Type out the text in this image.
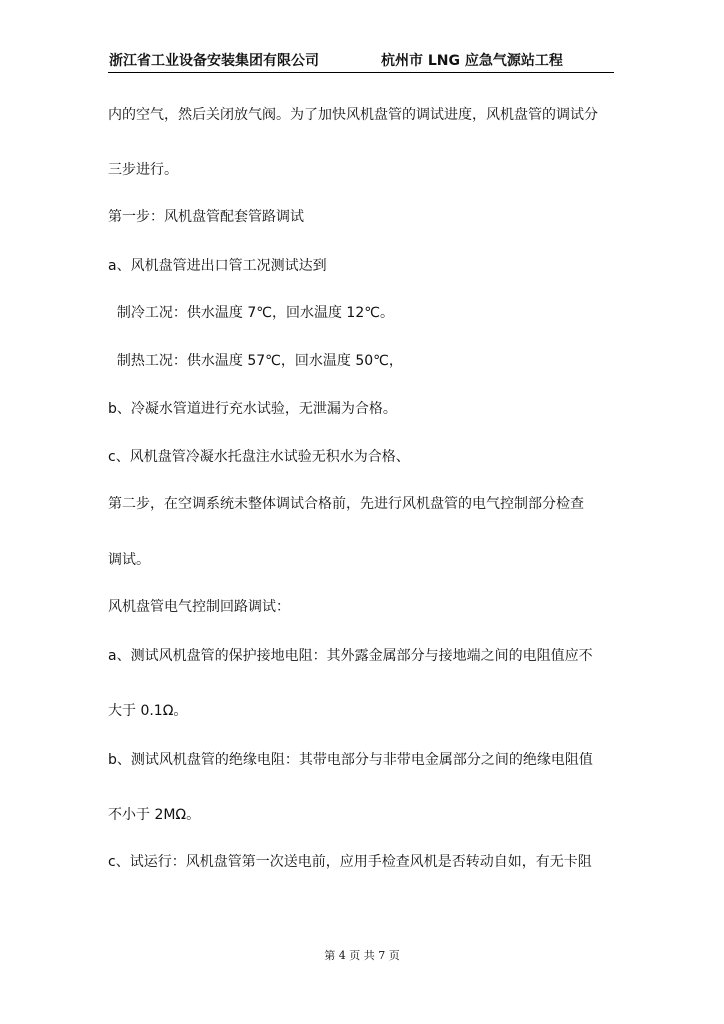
浙江省工业设备安装集团有限公司	杭州市 LNG 应急气源站工程
内的空气，然后关闭放气阀。为了加快风机盘管的调试进度，风机盘管的调试分
三步进行。
第一步：风机盘管配套管路调试
a、风机盘管进出口管工况测试达到
制冷工况：供水温度 7℃，回水温度 12℃。
制热工况：供水温度 57℃，回水温度 50℃，
b、冷凝水管道进行充水试验，无泄漏为合格。
c、风机盘管冷凝水托盘注水试验无积水为合格、
第二步，在空调系统未整体调试合格前，先进行风机盘管的电气控制部分检查
调试。
风机盘管电气控制回路调试：
a、测试风机盘管的保护接地电阻：其外露金属部分与接地端之间的电阻值应不
大于 0.1Ω。
b、测试风机盘管的绝缘电阻：其带电部分与非带电金属部分之间的绝缘电阻值
不小于 2MΩ。
c、试运行：风机盘管第一次送电前，应用手检查风机是否转动自如，有无卡阻
第 4 页 共 7 页
